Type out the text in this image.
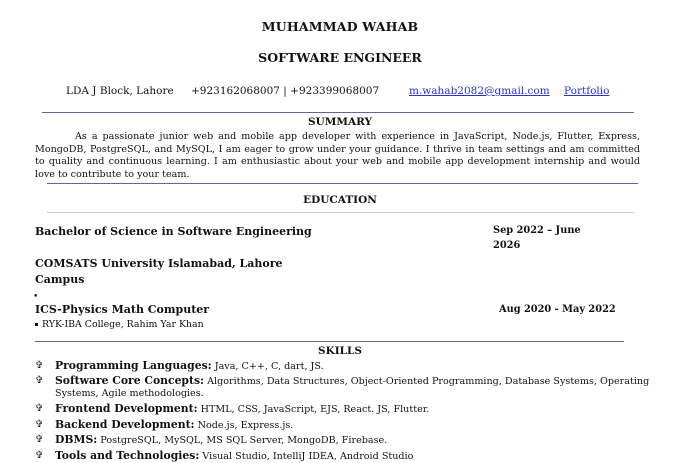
MUHAMMAD WAHAB
SOFTWARE ENGINEER
LDA J Block, Lahore +923162068007 | +923399068007	m.wahab2082@gmail.com Portfolio
SUMMARY
As a passionate junior web and mobile app developer with experience in JavaScript, Node.js, Flutter, Express, MongoDB, PostgreSQL, and MySQL, I am eager to grow under your guidance. I thrive in team settings and am committed to quality and continuous learning. I am enthusiastic about your web and mobile app development internship and would love to contribute to your team.
EDUCATION
Bachelor of Science in Software Engineering	Sep 2022 – June
2026
COMSATS University Islamabad, Lahore
Campus
•
ICS-Physics Math Computer	Aug 2020 - May 2022
RYK-IBA College, Rahim Yar Khan
SKILLS
✞ Programming Languages: Java, C++, C, dart, JS.
✞ Software Core Concepts: Algorithms, Data Structures, Object-Oriented Programming, Database Systems, Operating Systems, Agile methodologies.
✞ Frontend Development: HTML, CSS, JavaScript, EJS, React. JS, Flutter.
✞ Backend Development: Node.js, Express.js.
✞ DBMS: PostgreSQL, MySQL, MS SQL Server, MongoDB, Firebase.
✞ Tools and Technologies: Visual Studio, IntelliJ IDEA, Android Studio
